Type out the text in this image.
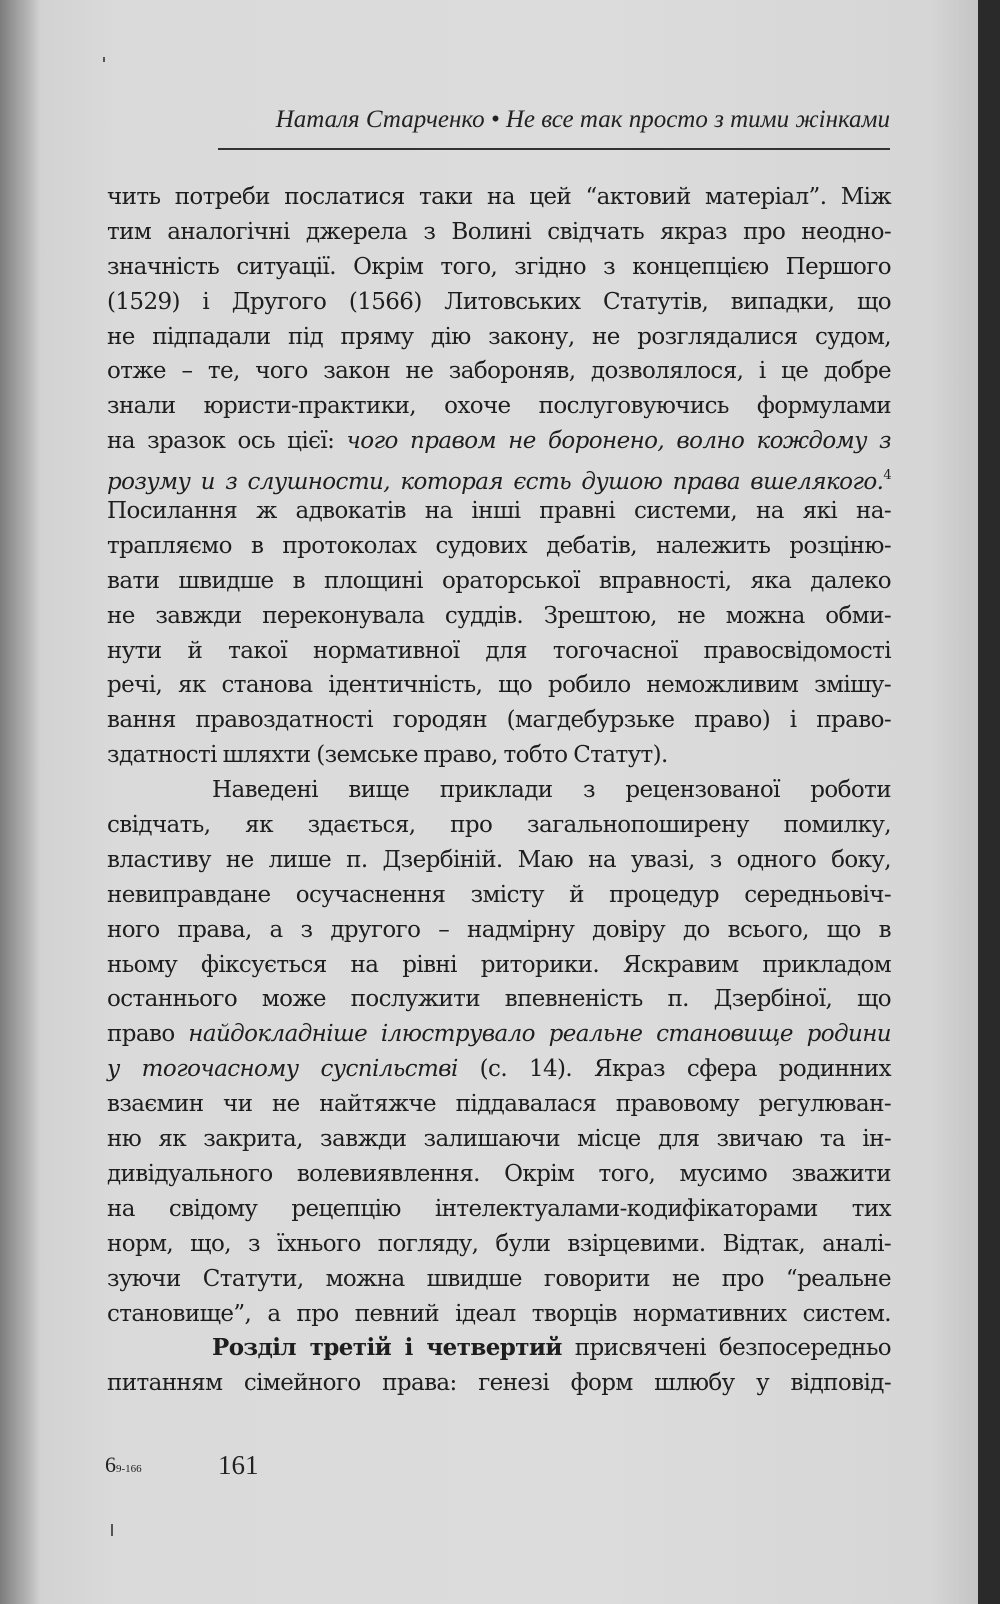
Наталя Старченко • Не все так просто з тими жінками
чить потреби послатися таки на цей “актовий матеріал”. Між
тим аналогічні джерела з Волині свідчать якраз про неодно-
значність ситуації. Окрім того, згідно з концепцією Першого
(1529) і Другого (1566) Литовських Статутів, випадки, що
не підпадали під пряму дію закону, не розглядалися судом,
отже – те, чого закон не забороняв, дозволялося, і це добре
знали юристи-практики, охоче послуговуючись формулами
на зразок ось цієї: чого правом не боронено, волно кождому з
розуму и з слушности, которая єсть душою права вшелякого.$^4$
Посилання ж адвокатів на інші правні системи, на які на-
трапляємо в протоколах судових дебатів, належить розціню-
вати швидше в площині ораторської вправності, яка далеко
не завжди переконувала суддів. Зрештою, не можна обми-
нути й такої нормативної для тогочасної правосвідомості
речі, як станова ідентичність, що робило неможливим змішу-
вання правоздатності городян (магдебурзьке право) і право-
здатності шляхти (земське право, тобто Статут).
Наведені вище приклади з рецензованої роботи
свідчать, як здається, про загальнопоширену помилку,
властиву не лише п. Дзербіній. Маю на увазі, з одного боку,
невиправдане осучаснення змісту й процедур середньовіч-
ного права, а з другого – надмірну довіру до всього, що в
ньому фіксується на рівні риторики. Яскравим прикладом
останнього може послужити впевненість п. Дзербіної, що
право найдокладніше ілюструвало реальне становище родини
у тогочасному суспільстві (с. 14). Якраз сфера родинних
взаємин чи не найтяжче піддавалася правовому регулюван-
ню як закрита, завжди залишаючи місце для звичаю та ін-
дивідуального волевиявлення. Окрім того, мусимо зважити
на свідому рецепцію інтелектуалами-кодифікаторами тих
норм, що, з їхнього погляду, були взірцевими. Відтак, аналі-
зуючи Статути, можна швидше говорити не про “реальне
становище”, а про певний ідеал творців нормативних систем.
Розділ третій і четвертий присвячені безпосередньо
питанням сімейного права: генезі форм шлюбу у відповід-
69-166	161
